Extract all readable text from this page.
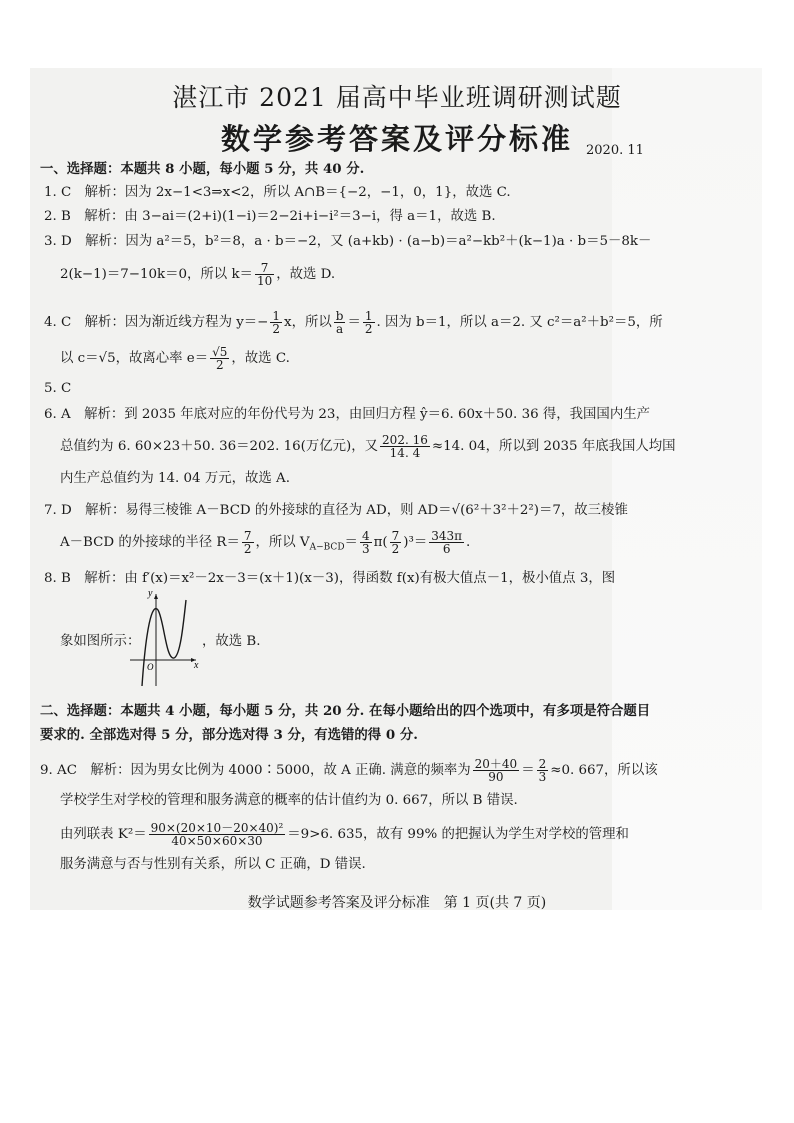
湛江市 2021 届高中毕业班调研测试题
数学参考答案及评分标准	2020. 11
一、选择题：本题共 8 小题，每小题 5 分，共 40 分.
1. C　解析：因为 2x−1<3⇒x<2，所以 A∩B＝{−2，−1，0，1}，故选 C.
2. B　解析：由 3−ai＝(2+i)(1−i)＝2−2i+i−i²＝3−i，得 a＝1，故选 B.
3. D　解析：因为 a²＝5，b²＝8，a · b＝−2，又 (a+kb) · (a−b)＝a²−kb²＋(k−1)a · b＝5－8k－
2(k−1)＝7−10k＝0，所以 $k= \frac{7}{10}$ ，故选 D.
4. C　解析：因为渐近线方程为 $y=- \frac{1}{2}$ x，所以 $\frac{b}{a} = \frac{1}{2}$ . 因为 b＝1，所以 a＝2. 又 c²＝a²＋b²＝5，所
以 c＝√5，故离心率 $e= \frac{√5}{2}$ ，故选 C.
5. C
6. A　解析：到 2035 年底对应的年份代号为 23，由回归方程 ŷ＝6. 60x＋50. 36 得，我国国内生产
总值约为 6. 60×23＋50. 36＝202. 16(万亿元)，又 $\frac{202. 16}{14. 4} \approx 14$. 04，所以到 2035 年底我国人均国
内生产总值约为 14. 04 万元，故选 A.
7. D　解析：易得三棱锥 A－BCD 的外接球的直径为 AD，则 AD＝√(6²＋3²＋2²)＝7，故三棱锥
A－BCD 的外接球的半径 $R= \frac{7}{2}$ ，所以 $V_{A-BCD}= \frac{4}{3} \pi( \frac{7}{2} )^3= \frac{343\pi}{6}$ .
8. B　解析：由 f′(x)＝x²－2x－3＝(x＋1)(x－3)，得函数 f(x)有极大值点－1，极小值点 3，图
y
x
O
象如图所示：	，故选 B.
二、选择题：本题共 4 小题，每小题 5 分，共 20 分. 在每小题给出的四个选项中，有多项是符合题目
要求的. 全部选对得 5 分，部分选对得 3 分，有选错的得 0 分.
9. AC　解析：因为男女比例为 4000∶5000，故 A 正确. 满意的频率为 $\frac{20+40}{90} = \frac{2}{3} \approx 0$. 667，所以该
学校学生对学校的管理和服务满意的概率的估计值约为 0. 667，所以 B 错误.
由列联表 $K^2= \frac{\text{90×(20×10－20×40)²}}{40\times 50\times 60\times 30} =9>6$. 635，故有 99% 的把握认为学生对学校的管理和
服务满意与否与性别有关系，所以 C 正确，D 错误.
数学试题参考答案及评分标准　第 1 页(共 7 页)
